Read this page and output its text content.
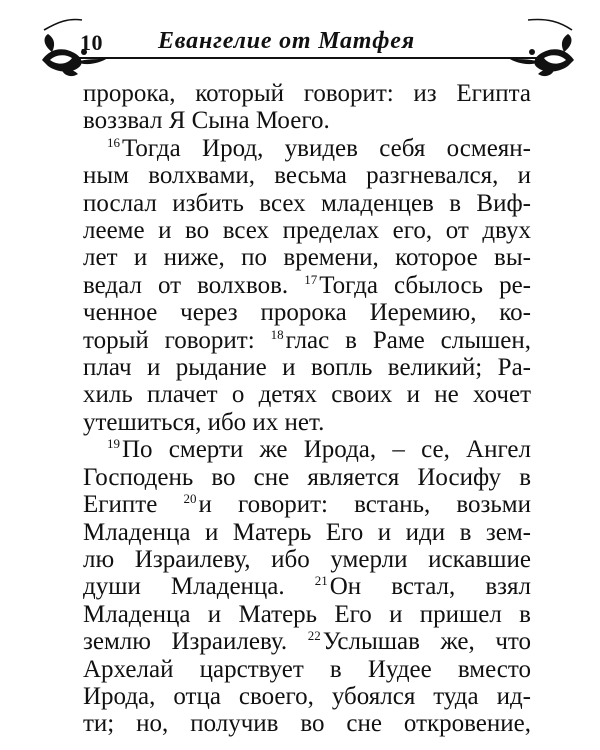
10 Евангелие от Матфея
пророка, который говорит: из Египта
воззвал Я Сына Моего.
$^{16}$Тогда Ирод, увидев себя осмеян-
ным волхвами, весьма разгневался, и
послал избить всех младенцев в Виф-
лееме и во всех пределах его, от двух
лет и ниже, по времени, которое вы-
ведал от волхвов. $^{17}$Тогда сбылось ре-
ченное через пророка Иеремию, ко-
торый говорит: $^{18}$глас в Раме слышен,
плач и рыдание и вопль великий; Ра-
хиль плачет о детях своих и не хочет
утешиться, ибо их нет.
$^{19}$По смерти же Ирода, – се, Ангел
Господень во сне является Иосифу в
Египте $^{20}$и говорит: встань, возьми
Младенца и Матерь Его и иди в зем-
лю Израилеву, ибо умерли искавшие
души Младенца. $^{21}$Он встал, взял
Младенца и Матерь Его и пришел в
землю Израилеву. $^{22}$Услышав же, что
Архелай царствует в Иудее вместо
Ирода, отца своего, убоялся туда ид-
ти; но, получив во сне откровение,
